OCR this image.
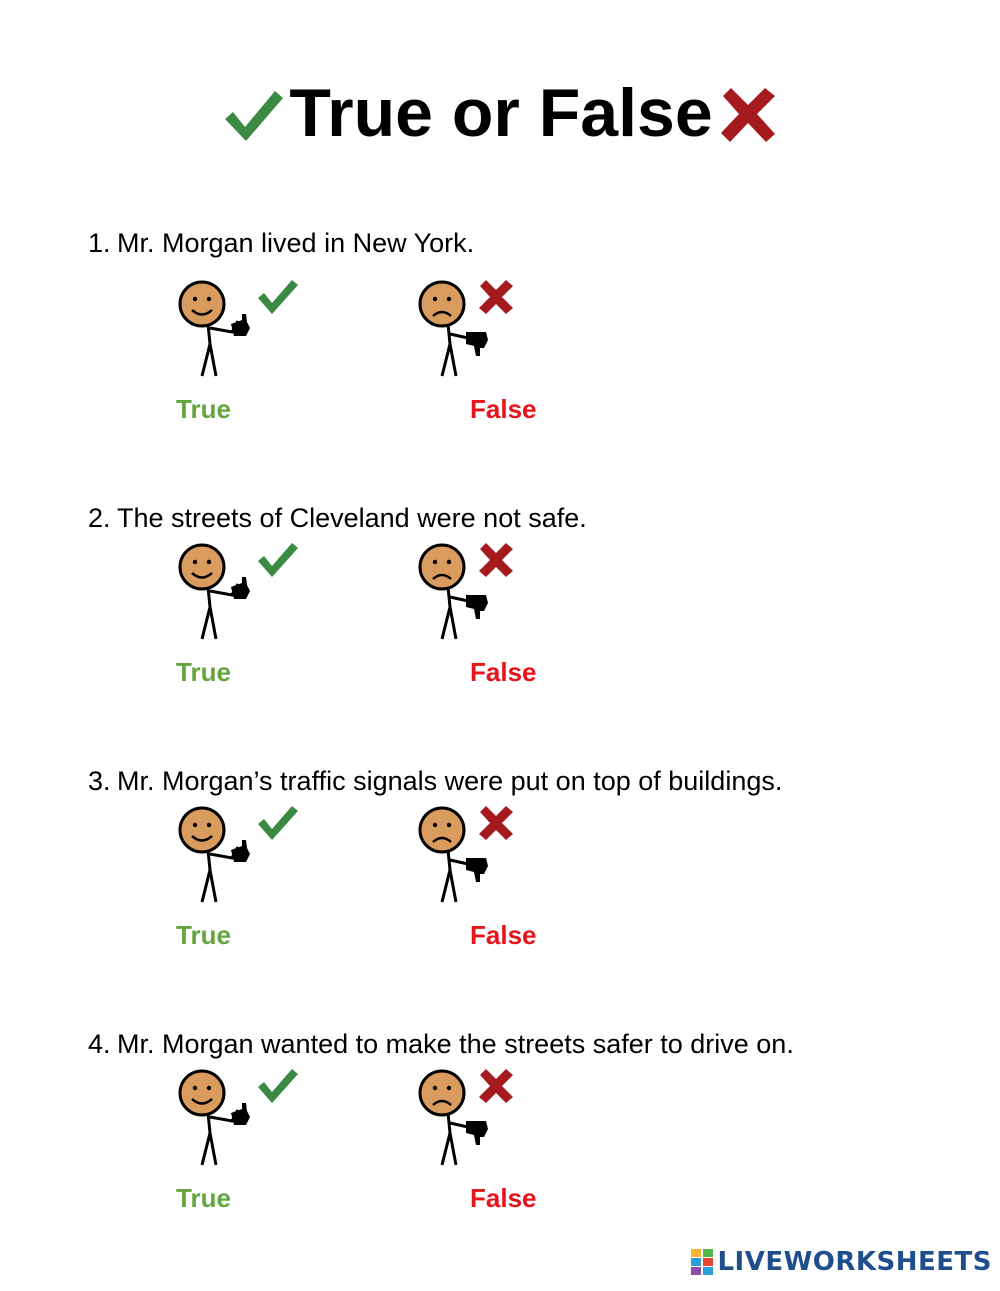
True or False
1. Mr. Morgan lived in New York.
True	False
2. The streets of Cleveland were not safe.
True	False
3. Mr. Morgan’s traffic signals were put on top of buildings.
True	False
4. Mr. Morgan wanted to make the streets safer to drive on.
True	False
LIVEWORKSHEETS
